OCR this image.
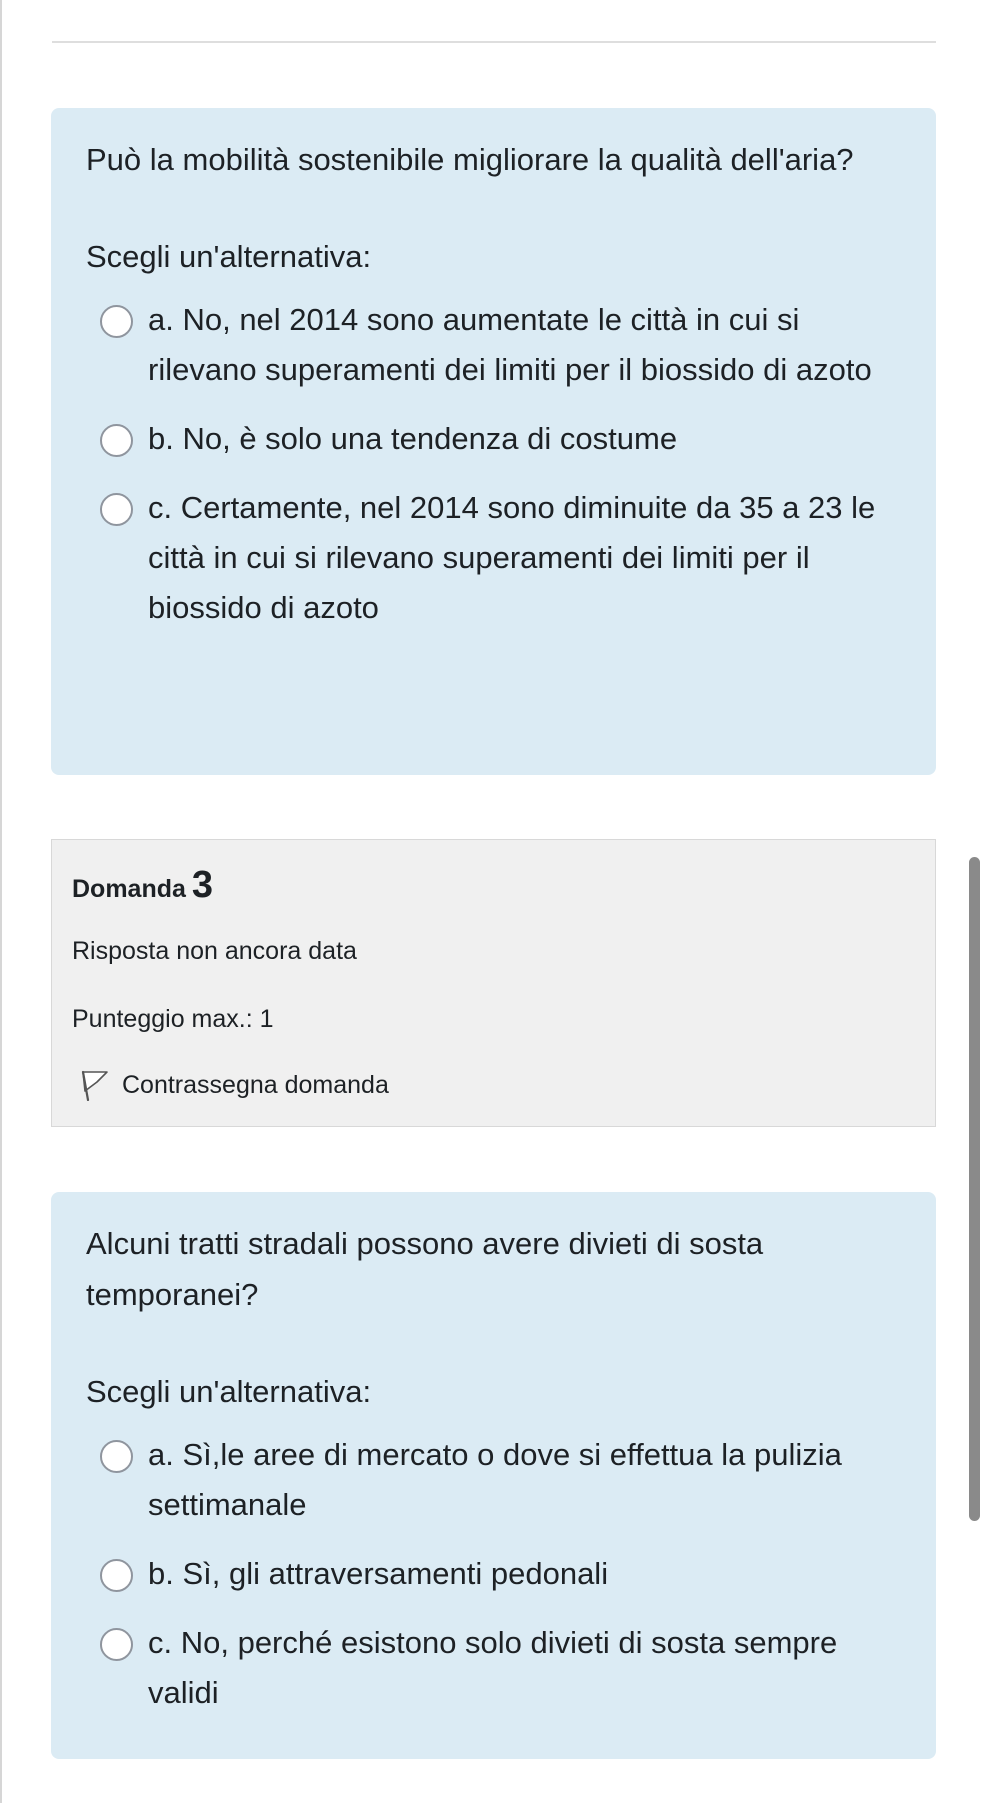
Può la mobilità sostenibile migliorare la qualità dell'aria?

Scegli un'alternativa:
a. No, nel 2014 sono aumentate le città in cui si rilevano superamenti dei limiti per il biossido di azoto
b. No, è solo una tendenza di costume
c. Certamente, nel 2014 sono diminuite da 35 a 23 le città in cui si rilevano superamenti dei limiti per il biossido di azoto
Domanda 3
Risposta non ancora data
Punteggio max.: 1
Contrassegna domanda

Alcuni tratti stradali possono avere divieti di sosta temporanei?

Scegli un'alternativa:
a. Sì,le aree di mercato o dove si effettua la pulizia settimanale
b. Sì, gli attraversamenti pedonali
c. No, perché esistono solo divieti di sosta sempre validi
